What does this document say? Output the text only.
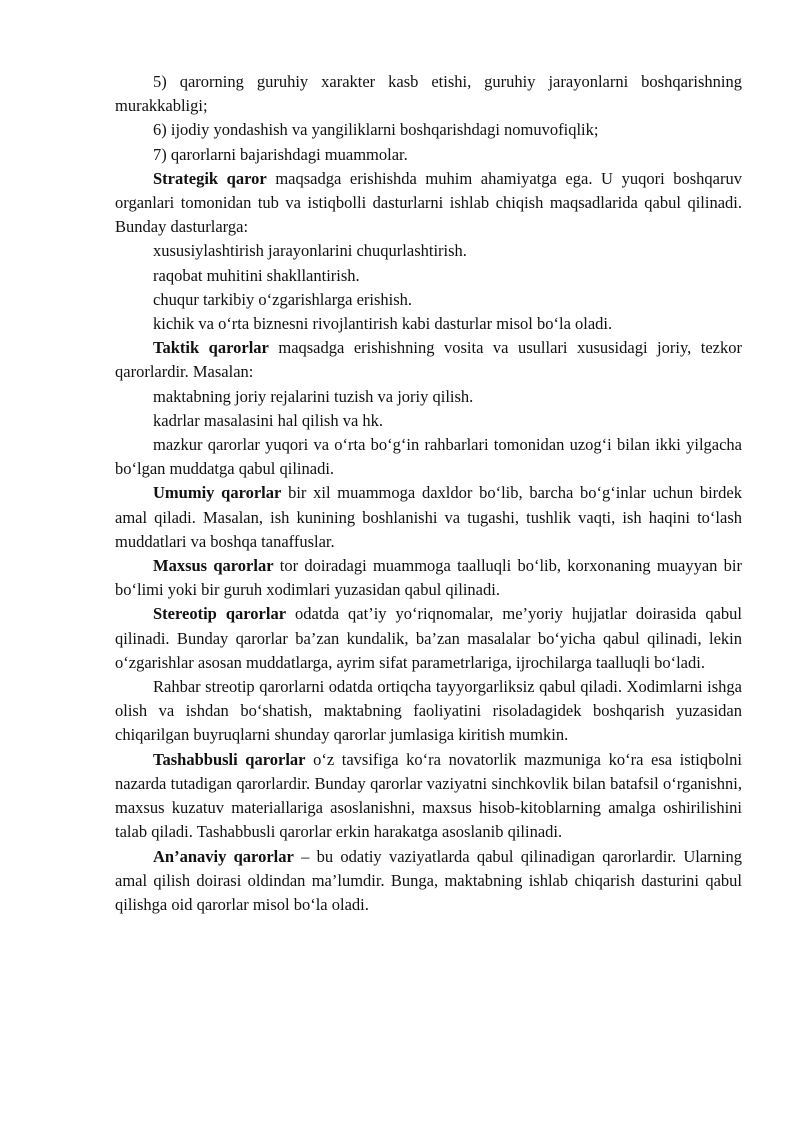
5) qarorning guruhiy xarakter kasb etishi, guruhiy jarayonlarni boshqarishning murakkabligi;

6) ijodiy yondashish va yangiliklarni boshqarishdagi nomuvofiqlik;

7) qarorlarni bajarishdagi muammolar.

Strategik qaror maqsadga erishishda muhim ahamiyatga ega. U yuqori boshqaruv organlari tomonidan tub va istiqbolli dasturlarni ishlab chiqish maqsadlarida qabul qilinadi. Bunday dasturlarga:

xususiylashtirish jarayonlarini chuqurlashtirish.

raqobat muhitini shakllantirish.

chuqur tarkibiy o‘zgarishlarga erishish.

kichik va o‘rta biznesni rivojlantirish kabi dasturlar misol bo‘la oladi.

Taktik qarorlar maqsadga erishishning vosita va usullari xususidagi joriy, tezkor qarorlardir. Masalan:

maktabning joriy rejalarini tuzish va joriy qilish.

kadrlar masalasini hal qilish va hk.

mazkur qarorlar yuqori va o‘rta bo‘g‘in rahbarlari tomonidan uzog‘i bilan ikki yilgacha bo‘lgan muddatga qabul qilinadi.

Umumiy qarorlar bir xil muammoga daxldor bo‘lib, barcha bo‘g‘inlar uchun birdek amal qiladi. Masalan, ish kunining boshlanishi va tugashi, tushlik vaqti, ish haqini to‘lash muddatlari va boshqa tanaffuslar.

Maxsus qarorlar tor doiradagi muammoga taalluqli bo‘lib, korxonaning muayyan bir bo‘limi yoki bir guruh xodimlari yuzasidan qabul qilinadi.

Stereotip qarorlar odatda qat’iy yo‘riqnomalar, me’yoriy hujjatlar doirasida qabul qilinadi. Bunday qarorlar ba’zan kundalik, ba’zan masalalar bo‘yicha qabul qilinadi, lekin o‘zgarishlar asosan muddatlarga, ayrim sifat parametrlariga, ijrochilarga taalluqli bo‘ladi.

Rahbar streotip qarorlarni odatda ortiqcha tayyorgarliksiz qabul qiladi. Xodimlarni ishga olish va ishdan bo‘shatish, maktabning faoliyatini risoladagidek boshqarish yuzasidan chiqarilgan buyruqlarni shunday qarorlar jumlasiga kiritish mumkin.

Tashabbusli qarorlar o‘z tavsifiga ko‘ra novatorlik mazmuniga ko‘ra esa istiqbolni nazarda tutadigan qarorlardir. Bunday qarorlar vaziyatni sinchkovlik bilan batafsil o‘rganishni, maxsus kuzatuv materiallariga asoslanishni, maxsus hisob-kitoblarning amalga oshirilishini talab qiladi. Tashabbusli qarorlar erkin harakatga asoslanib qilinadi.

An’anaviy qarorlar – bu odatiy vaziyatlarda qabul qilinadigan qarorlardir. Ularning amal qilish doirasi oldindan ma’lumdir. Bunga, maktabning ishlab chiqarish dasturini qabul qilishga oid qarorlar misol bo‘la oladi.
